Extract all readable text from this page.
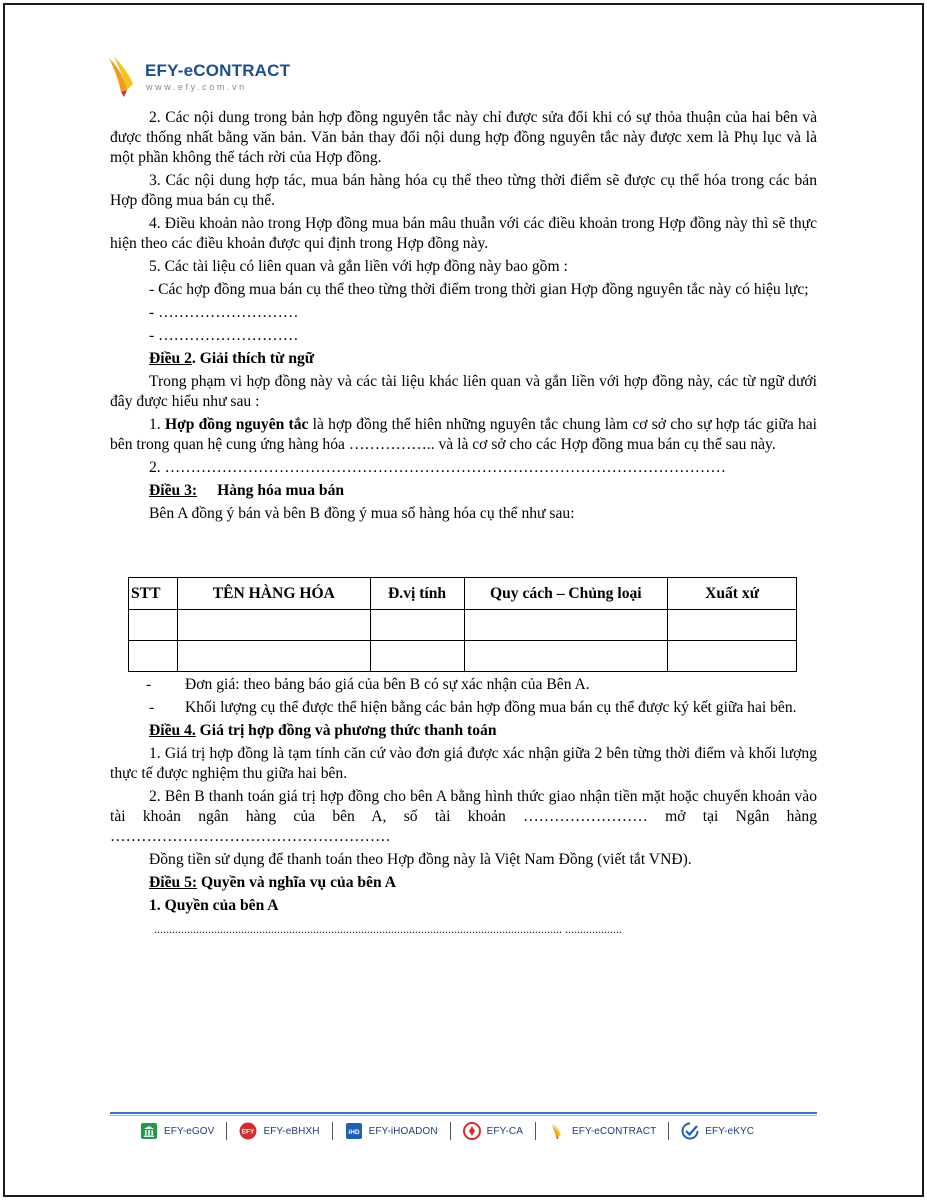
EFY-eCONTRACT
www.efy.com.vn

2. Các nội dung trong bản hợp đồng nguyên tắc này chỉ được sửa đổi khi có sự thỏa thuận của hai bên và được thống nhất bằng văn bản. Văn bản thay đổi nội dung hợp đồng nguyên tắc này được xem là Phụ lục và là một phần không thể tách rời của Hợp đồng.

3. Các nội dung hợp tác, mua bán hàng hóa cụ thể theo từng thời điểm sẽ được cụ thể hóa trong các bản Hợp đồng mua bán cụ thể.

4. Điều khoản nào trong Hợp đồng mua bán mâu thuẫn với các điều khoản trong Hợp đồng này thì sẽ thực hiện theo các điều khoản được qui định trong Hợp đồng này.

5. Các tài liệu có liên quan và gắn liền với hợp đồng này bao gồm :

- Các hợp đồng mua bán cụ thể theo từng thời điểm trong thời gian Hợp đồng nguyên tắc này có hiệu lực;

- ………………………

- ………………………

Điều 2. Giải thích từ ngữ

Trong phạm vi hợp đồng này và các tài liệu khác liên quan và gắn liền với hợp đồng này, các từ ngữ dưới đây được hiểu như sau :

1. Hợp đồng nguyên tắc là hợp đồng thể hiên những nguyên tắc chung làm cơ sở cho sự hợp tác giữa hai bên trong quan hệ cung ứng hàng hóa …………….. và là cơ sở cho các Hợp đồng mua bán cụ thể sau này.

2. ………………………………………………………………………………………………

Điều 3: Hàng hóa mua bán

Bên A đồng ý bán và bên B đồng ý mua số hàng hóa cụ thể như sau:

STT	TÊN HÀNG HÓA	Đ.vị tính	Quy cách – Chủng loại	Xuất xứ

- Đơn giá: theo bảng báo giá của bên B có sự xác nhận của Bên A.

- Khối lượng cụ thể được thể hiện bằng các bản hợp đồng mua bán cụ thể được ký kết giữa hai bên.

Điều 4. Giá trị hợp đồng và phương thức thanh toán

1. Giá trị hợp đồng là tạm tính căn cứ vào đơn giá được xác nhận giữa 2 bên từng thời điểm và khối lượng thực tế được nghiệm thu giữa hai bên.

2. Bên B thanh toán giá trị hợp đồng cho bên A bằng hình thức giao nhận tiền mặt hoặc chuyển khoản vào tài khoản ngân hàng của bên A, số tài khoản …………………… mở tại Ngân hàng ………………………………………………

Đồng tiền sử dụng để thanh toán theo Hợp đồng này là Việt Nam Đồng (viết tắt VNĐ).

Điều 5: Quyền và nghĩa vụ của bên A

1. Quyền của bên A

........................................................................................................................................ ...................
EFY-eGOV	EFY EFY-eBHXH	iHD EFY-iHOADON	EFY-CA	EFY-eCONTRACT	EFY-eKYC
